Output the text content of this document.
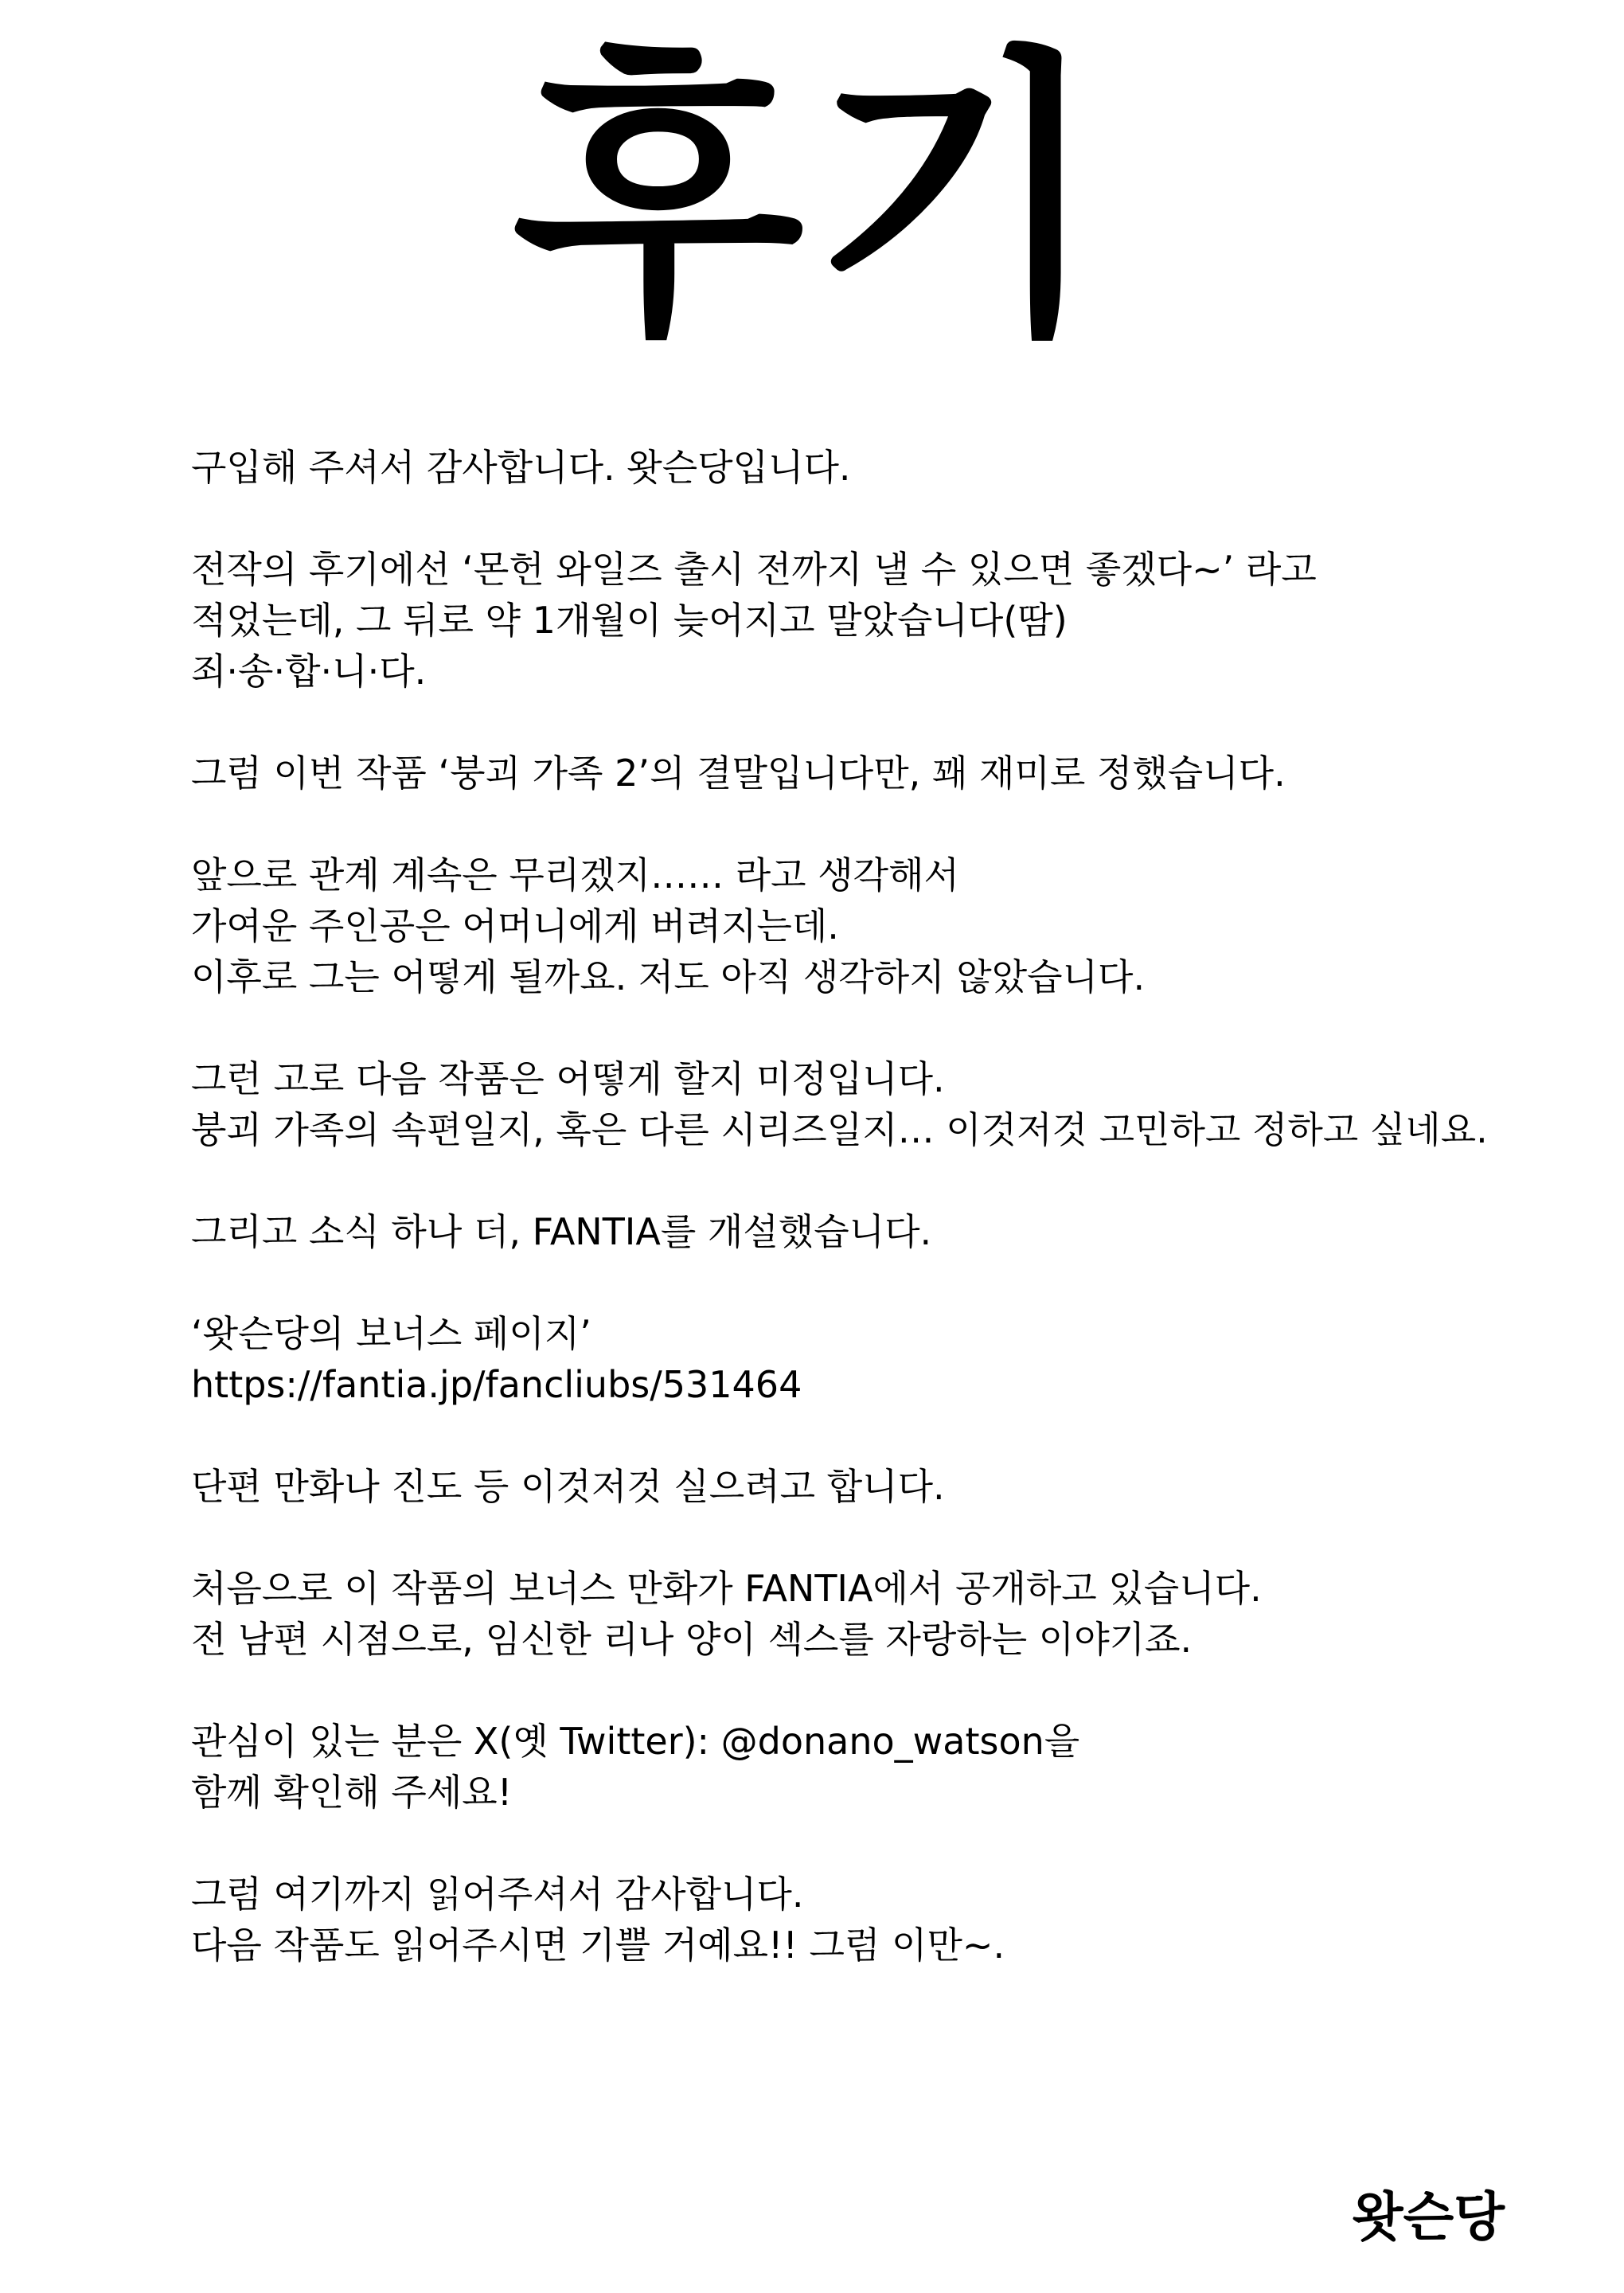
후기

구입해 주셔서 감사합니다. 왓슨당입니다.

전작의 후기에선 ‘몬헌 와일즈 출시 전까지 낼 수 있으면 좋겠다~’ 라고
적었는데, 그 뒤로 약 1개월이 늦어지고 말았습니다(땀)
죄·송·합·니·다.

그럼 이번 작품 ‘붕괴 가족 2’의 결말입니다만, 꽤 재미로 정했습니다.

앞으로 관계 계속은 무리겠지…… 라고 생각해서
가여운 주인공은 어머니에게 버려지는데.
이후로 그는 어떻게 될까요. 저도 아직 생각하지 않았습니다.

그런 고로 다음 작품은 어떻게 할지 미정입니다.
붕괴 가족의 속편일지, 혹은 다른 시리즈일지… 이것저것 고민하고 정하고 싶네요.

그리고 소식 하나 더, FANTIA를 개설했습니다.

‘왓슨당의 보너스 페이지’
https://fantia.jp/fancliubs/531464

단편 만화나 진도 등 이것저것 실으려고 합니다.

처음으로 이 작품의 보너스 만화가 FANTIA에서 공개하고 있습니다.
전 남편 시점으로, 임신한 리나 양이 섹스를 자랑하는 이야기죠.

관심이 있는 분은 X(옛 Twitter): @donano_watson을
함께 확인해 주세요!

그럼 여기까지 읽어주셔서 감사합니다.
다음 작품도 읽어주시면 기쁠 거예요!! 그럼 이만~.

왓슨당
